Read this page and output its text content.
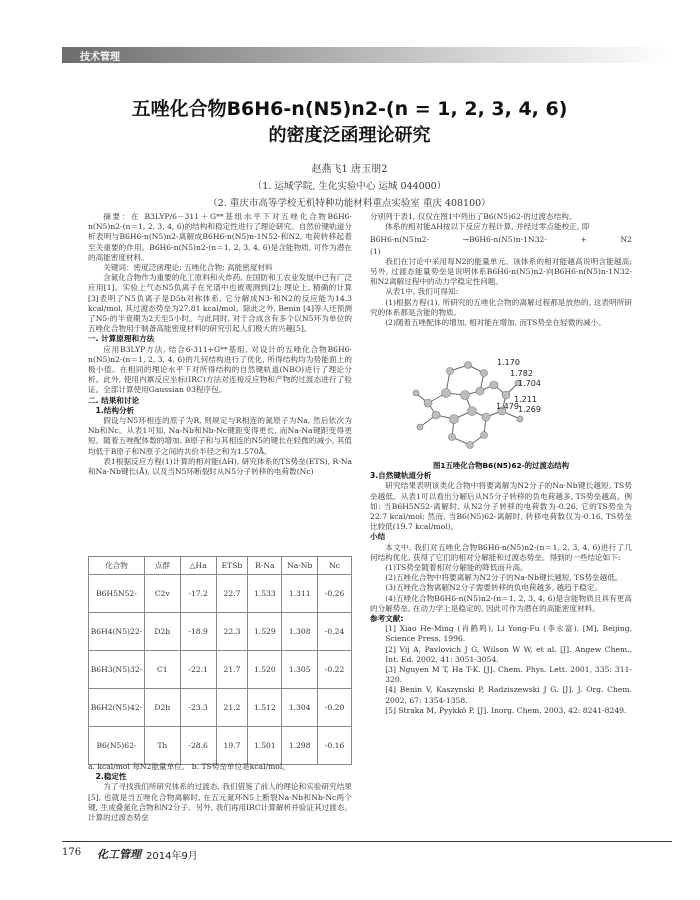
技术管理
五唑化合物B6H6-n(N5)n2-(n = 1, 2, 3, 4, 6)
的密度泛函理论研究
赵燕飞1 唐玉朋2
（1. 运城学院, 生化实验中心 运城 044000）
（2. 重庆市高等学校无机特种功能材料重点实验室 重庆 408100）

摘要：在 B3LYP/6－311＋G**基组水平下对五唑化合物B6H6-n(N5)n2-(n＝1, 2, 3, 4, 6)的结构和稳定性进行了理论研究。自然价键轨道分析表明与B6H6-n(N5)n2-离解成B6H6-n(N5)n-1N52-和N2, 电荷转移起着至关重要的作用。B6H6-n(N5)n2-(n＝1, 2, 3, 4, 6)是含能物质, 可作为潜在的高能密度材料。

关键词：密度泛函理论; 五唑化合物; 高能密度材料

含氮化合物作为重要的化工原料和火炸药, 在国防和工农业发展中已有广泛应用[1]。实验上气态N5负离子在光谱中也被观测到[2]; 理论上, 精确的计算[3]表明了N5负离子是D5h对称体系, 它分解成N3-和N2的反应能为14.3 kcal/mol, 其过渡态势垒为27.81 kcal/mol。除此之外, Benin [4]等人还预测了N5-的半衰期为2天至5小时。与此同时, 对于合成含有多个以N5环为单位的五唑化合物用于制备高能密度材料的研究引起人们极大的兴趣[5]。

一. 计算原理和方法

应用B3LYP方法, 结合6-311+G**基组, 对设计的五唑化合物B6H6-n(N5)n2-(n＝1, 2, 3, 4, 6)的几何结构进行了优化, 所得结构均为势能面上的极小值。在相同的理论水平下对所得结构的自然键轨道(NBO)进行了理论分析。此外, 使用内禀反应坐标(IRC)方法对连接反应物和产物的过渡态进行了验证。全部计算使用Gaussian 03程序包。

二. 结果和讨论

1.结构分析

假设与N5环相连的原子为R, 则规定与R相连的氮原子为Na, 然后依次为Nb和Nc。从表1可知, Na-Nb和Nb-Nc键距变得更长, 而Na-Na键距变得更短。随着五唑配体数的增加, B原子和与其相连的N5的键长在轻微的减小, 其值均低于B原子和N原子之间的共价半径之和为1.570Å。

表1根据反应方程(1)计算的相对能(ΔH), 研究体系的TS势垒(ETS), R-Na和Na-Nb键长(Å), 以及当N5环断裂时从N5分子转移的电荷数(Nc)

化合物	点群	△Ha	ETSb	R-Na	Na-Nb	Nc
B6H5N52-	C2v	-17.2	22.7	1.533	1.311	-0.26
B6H4(N5)22-	D2h	-18.9	22.3	1.529	1.308	-0.24
B6H3(N5)32-	C1	-22.1	21.7	1.520	1.305	-0.22
B6H2(N5)42-	D2h	-23.3	21.2	1.512	1.304	-0.20
B6(N5)62-	Th	-28.6	19.7	1.501	1.298	-0.16

a. kcal/mol 每N2能量单位。 b. TS势垒单位是kcal/mol。

2.稳定性

为了寻找我们所研究体系的过渡态, 我们借鉴了前人的理论和实验研究结果[5], 也就是当五唑化合物离解时, 在五元氮环N5上断裂Na-Nb和Nb-Nc两个键, 生成叠氮化合物和N2分子。另外, 我们再用IRC计算解析并验证其过渡态。计算的过渡态势垒

分别列于表1, 仅仅在图1中列出了B6(N5)62-的过渡态结构。

体系的相对能ΔH按以下反应方程计算, 并经过零点能校正, 即

B6H6-n(N5)n2-	→B6H6-n(N5)n-1N32-	+	N2

(1)

我们在讨论中采用每N2的能量单元。该体系的相对能越高说明含能越高; 另外, 过渡态能量势垒是说明体系B6H6-n(N5)n2-向B6H6-n(N5)n-1N32-和N2离解过程中的动力学稳定性问题。

从表1中, 我们可得知:

(1)根据方程(1), 所研究的五唑化合物的离解过程都是放热的, 这表明所研究的体系都是含能的物质。

(2)随着五唑配体的增加, 相对能在增加, 而TS势垒在轻微的减小。

1.170
1.782
1.704
1.211
1.479 1.269

图1五唑化合物B6(N5)62-的过渡态结构

3.自然键轨道分析

研究结果表明该类化合物中将要离解为N2分子的Na-Nb键长越短, TS势垒越低。从表1可以看出分解后从N5分子转移的负电荷越多, TS势垒越高。例如: 当B6H5N52-离解时, 从N2分子转移的电荷数为-0.26, 它的TS势垒为22.7 kcal/mol; 然而, 当B6(N5)62-离解时, 转移电荷数仅为-0.16, TS势垒比较低(19.7 kcal/mol)。

小结

本文中, 我们对五唑化合物B6H6-n(N5)n2-(n＝1, 2, 3, 4, 6)进行了几何结构优化, 获得了它们的相对分解能和过渡态势垒。得到的一些结论如下:

(1)TS势垒随着相对分解能的降低而升高。

(2)五唑化合物中将要离解为N2分子的Na-Nb键长越短, TS势垒越低。

(3)五唑化合物离解N2分子需要转移的负电荷越多, 越趋于稳定。

(4)五唑化合物B6H6-n(N5)n2-(n＝1, 2, 3, 4, 6)是含能物质且具有更高的分解势垒, 在动力学上是稳定的, 因此可作为潜在的高能密度材料。

参考文献:

[1] Xiao He-Ming (肖鹤鸣), Li Yong-Fu (李永富). [M], Beijing, Science Press, 1996.

[2] Vij A, Pavlovich J G, Wilson W W, et al. [J]. Angew Chem., Int. Ed. 2002, 41: 3051-3054.

[3] Nguyen M T, Ha T-K. [J]. Chem. Phys. Lett. 2001, 335: 311-320.

[4] Benin V, Kaszynski P, Radziszewski J G. [J]. J. Org. Chem. 2002, 67: 1354-1358.

[5] Straka M, Pyykkö P. [J]. Inorg. Chem. 2003, 42: 8241-8249.

176 化工管理 2014年9月
